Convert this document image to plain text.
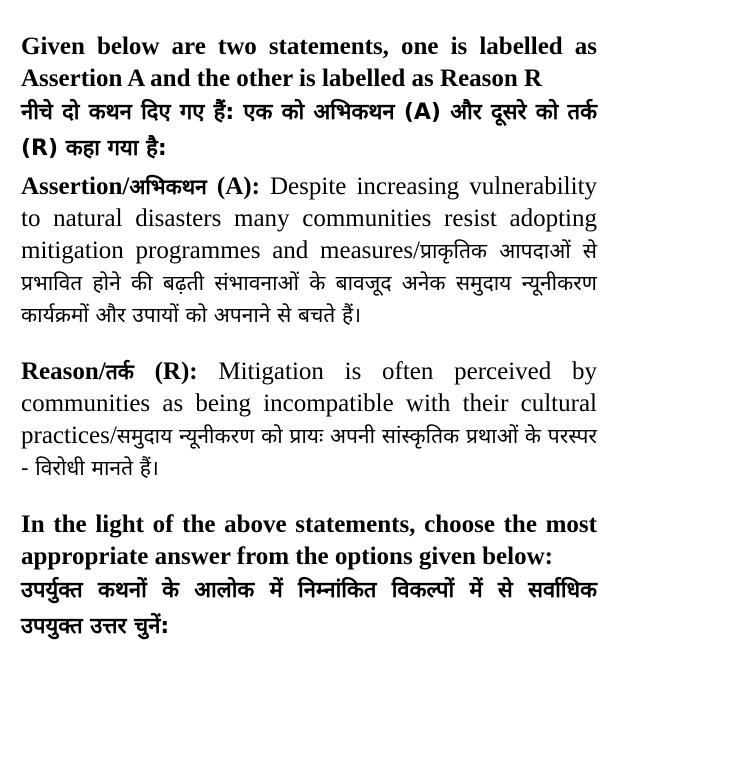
Given below are two statements, one is labelled as Assertion A and the other is labelled as Reason R

नीचे दो कथन दिए गए हैं: एक को अभिकथन (A) और दूसरे को तर्क (R) कहा गया है:

Assertion/अभिकथन (A): Despite increasing vulnerability to natural disasters many communities resist adopting mitigation programmes and measures/प्राकृतिक आपदाओं से प्रभावित होने की बढ़ती संभावनाओं के बावजूद अनेक समुदाय न्यूनीकरण कार्यक्रमों और उपायों को अपनाने से बचते हैं।

Reason/तर्क (R): Mitigation is often perceived by communities as being incompatible with their cultural practices/समुदाय न्यूनीकरण को प्रायः अपनी सांस्कृतिक प्रथाओं के परस्पर - विरोधी मानते हैं।

In the light of the above statements, choose the most appropriate answer from the options given below:

उपर्युक्त कथनों के आलोक में निम्नांकित विकल्पों में से सर्वाधिक उपयुक्त उत्तर चुनें:
